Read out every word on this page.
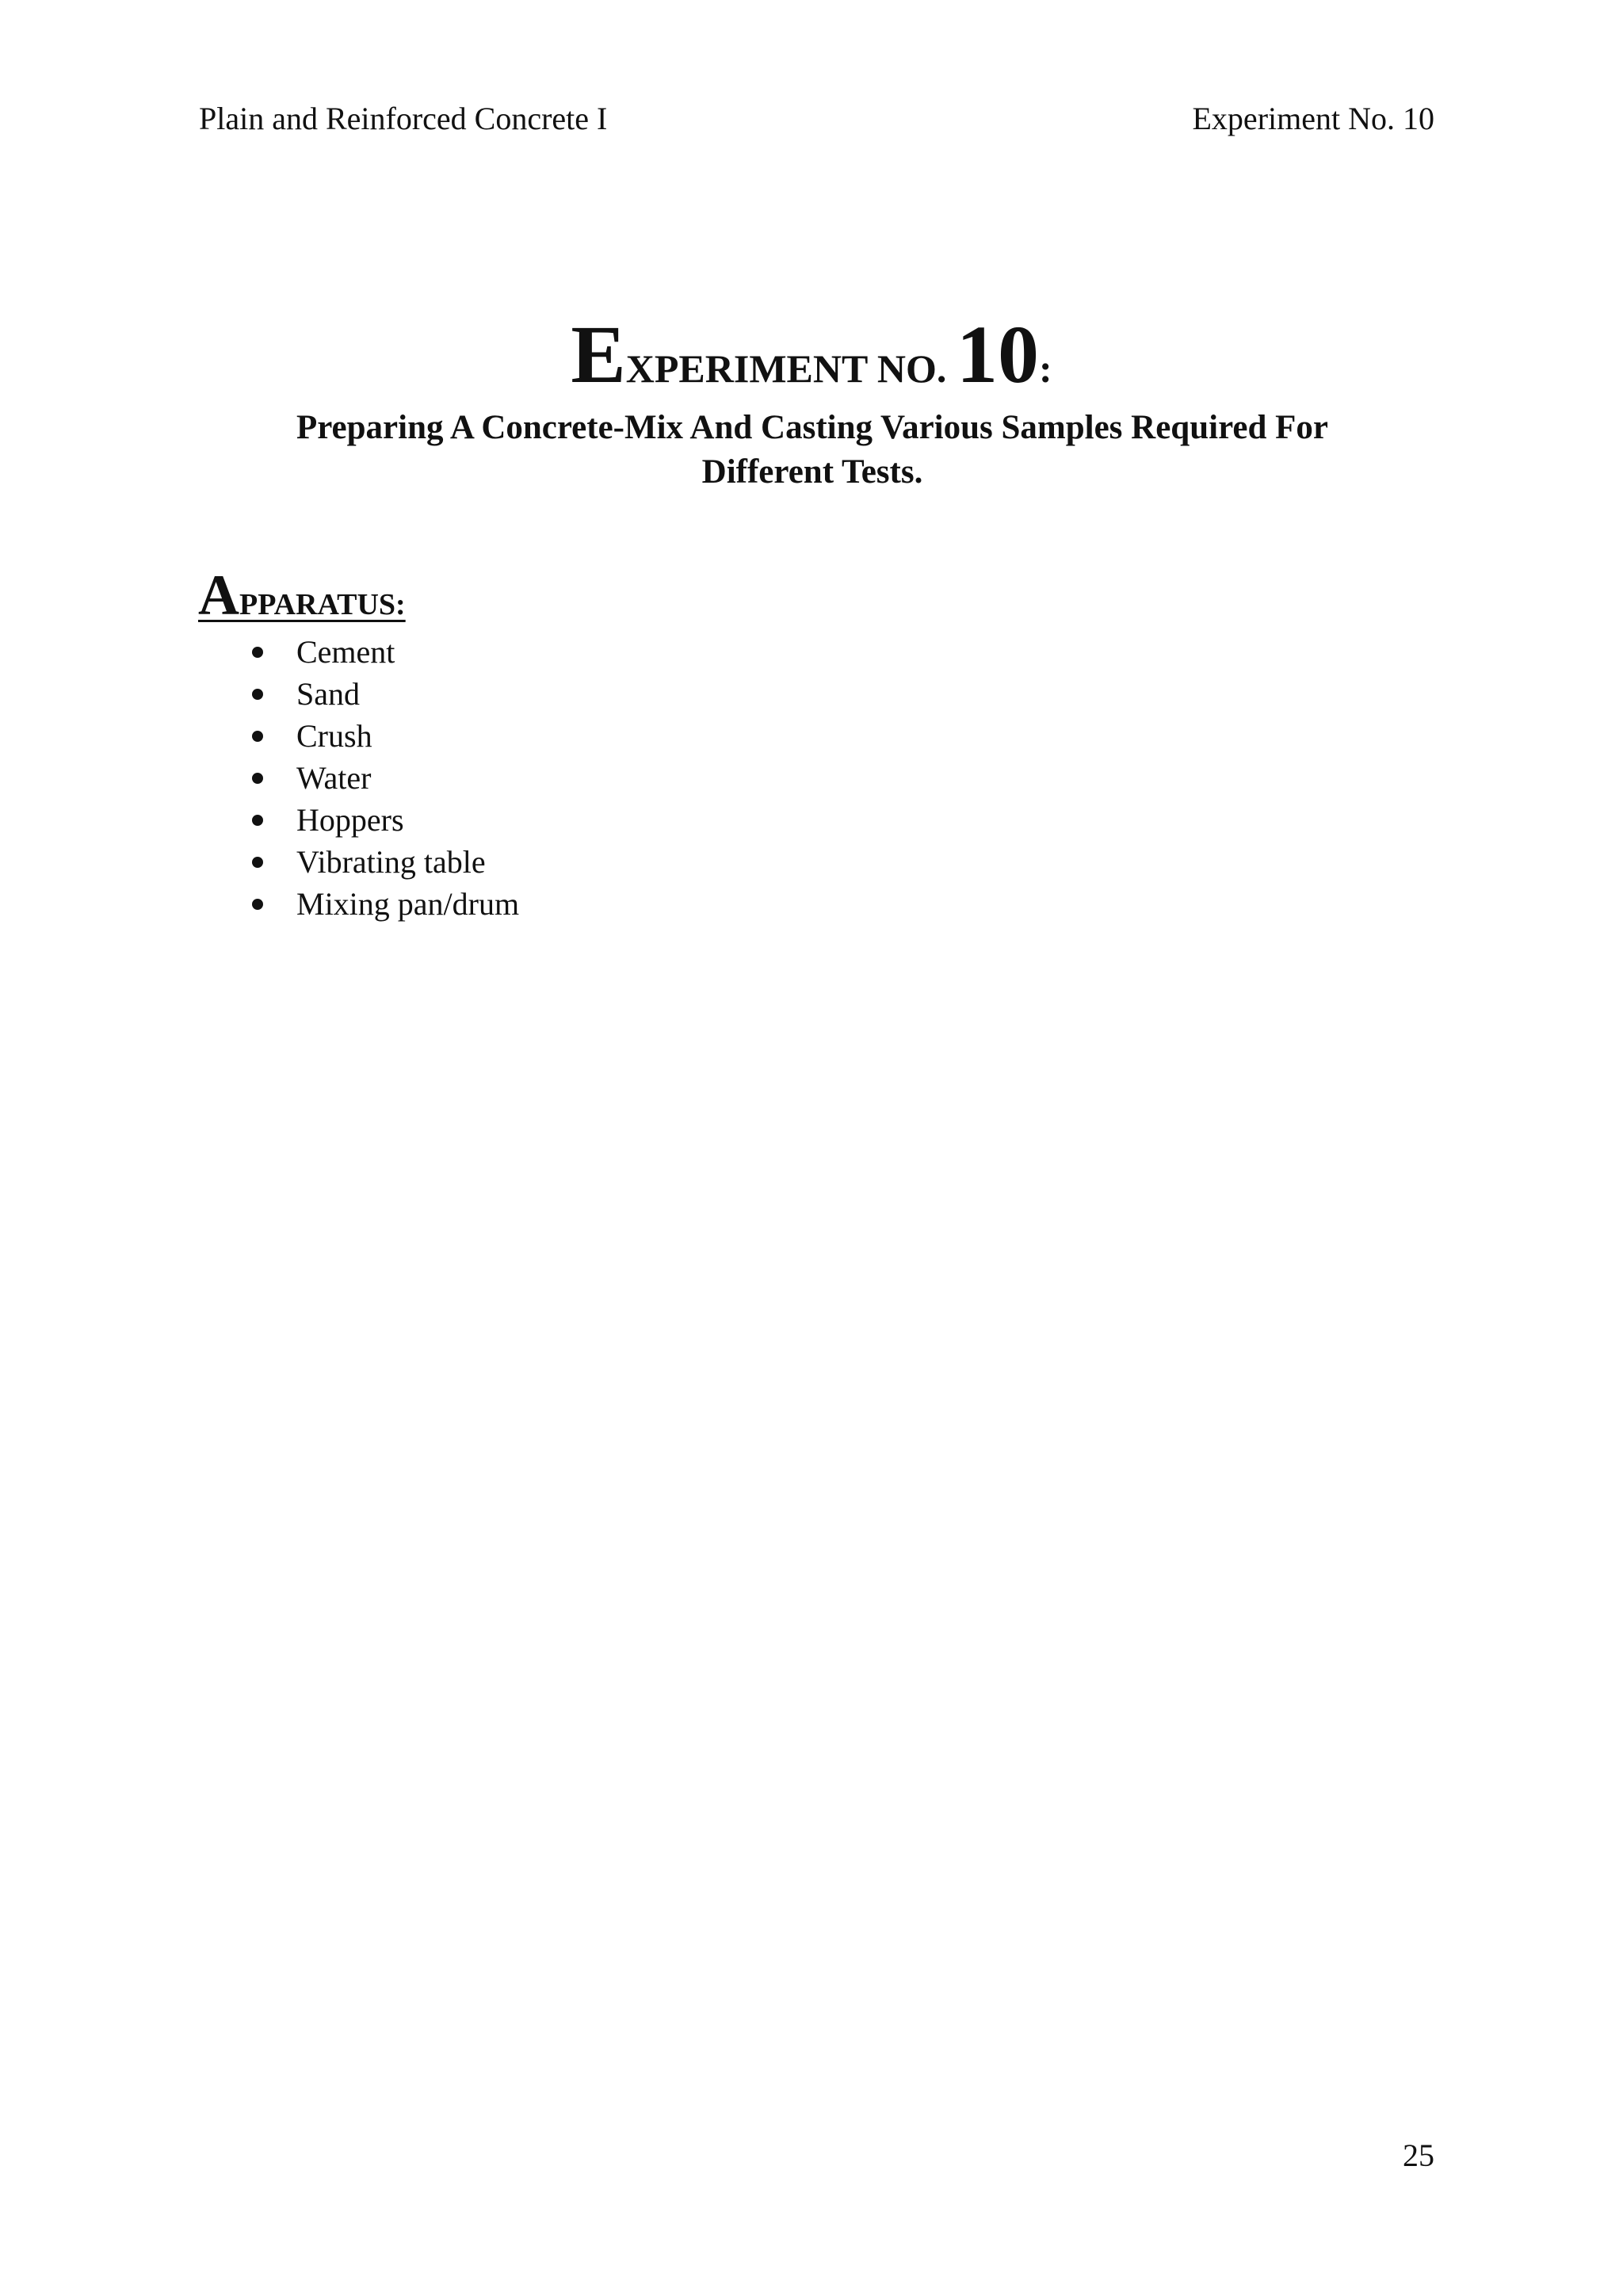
Plain and Reinforced Concrete I	Experiment No. 10
EXPERIMENT NO. 10:
Preparing A Concrete-Mix And Casting Various Samples Required For Different Tests.
APPARATUS:
Cement
Sand
Crush
Water
Hoppers
Vibrating table
Mixing pan/drum
25
